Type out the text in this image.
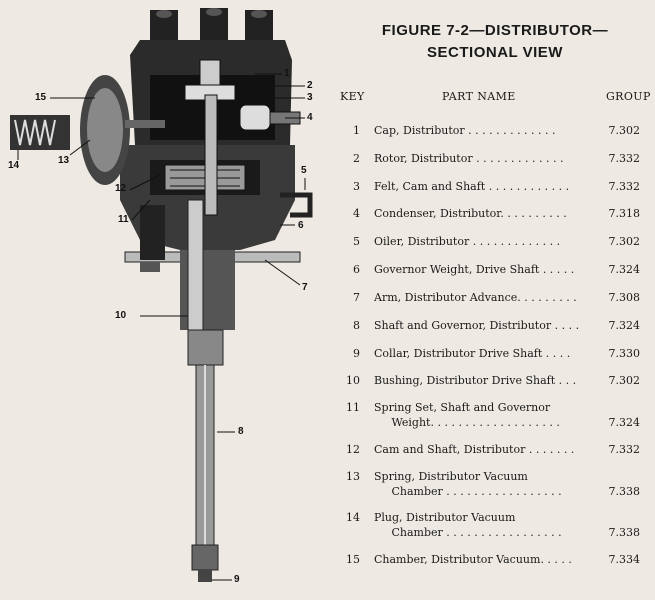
1
2
3
4
5
6
7
8
9
10
11
12
13
14
15
FIGURE 7-2—DISTRIBUTOR—
SECTIONAL VIEW
KEY	PART NAME	GROUP
1 Cap, Distributor . . . . . . . . . . . . .	7.302
2 Rotor, Distributor . . . . . . . . . . . . .	7.332
3 Felt, Cam and Shaft . . . . . . . . . . . .	7.332
4 Condenser, Distributor. . . . . . . . . .	7.318
5 Oiler, Distributor . . . . . . . . . . . . .	7.302
6 Governor Weight, Drive Shaft . . . . .	7.324
7 Arm, Distributor Advance. . . . . . . . .	7.308
8 Shaft and Governor, Distributor . . . .	7.324
9 Collar, Distributor Drive Shaft . . . .	7.330
10 Bushing, Distributor Drive Shaft . . .	7.302
11 Spring Set, Shaft and Governor
Weight. . . . . . . . . . . . . . . . . . .	7.324
12 Cam and Shaft, Distributor . . . . . . .	7.332
13 Spring, Distributor Vacuum
Chamber . . . . . . . . . . . . . . . . .	7.338
14 Plug, Distributor Vacuum
Chamber . . . . . . . . . . . . . . . . .	7.338
15 Chamber, Distributor Vacuum. . . . .	7.334
